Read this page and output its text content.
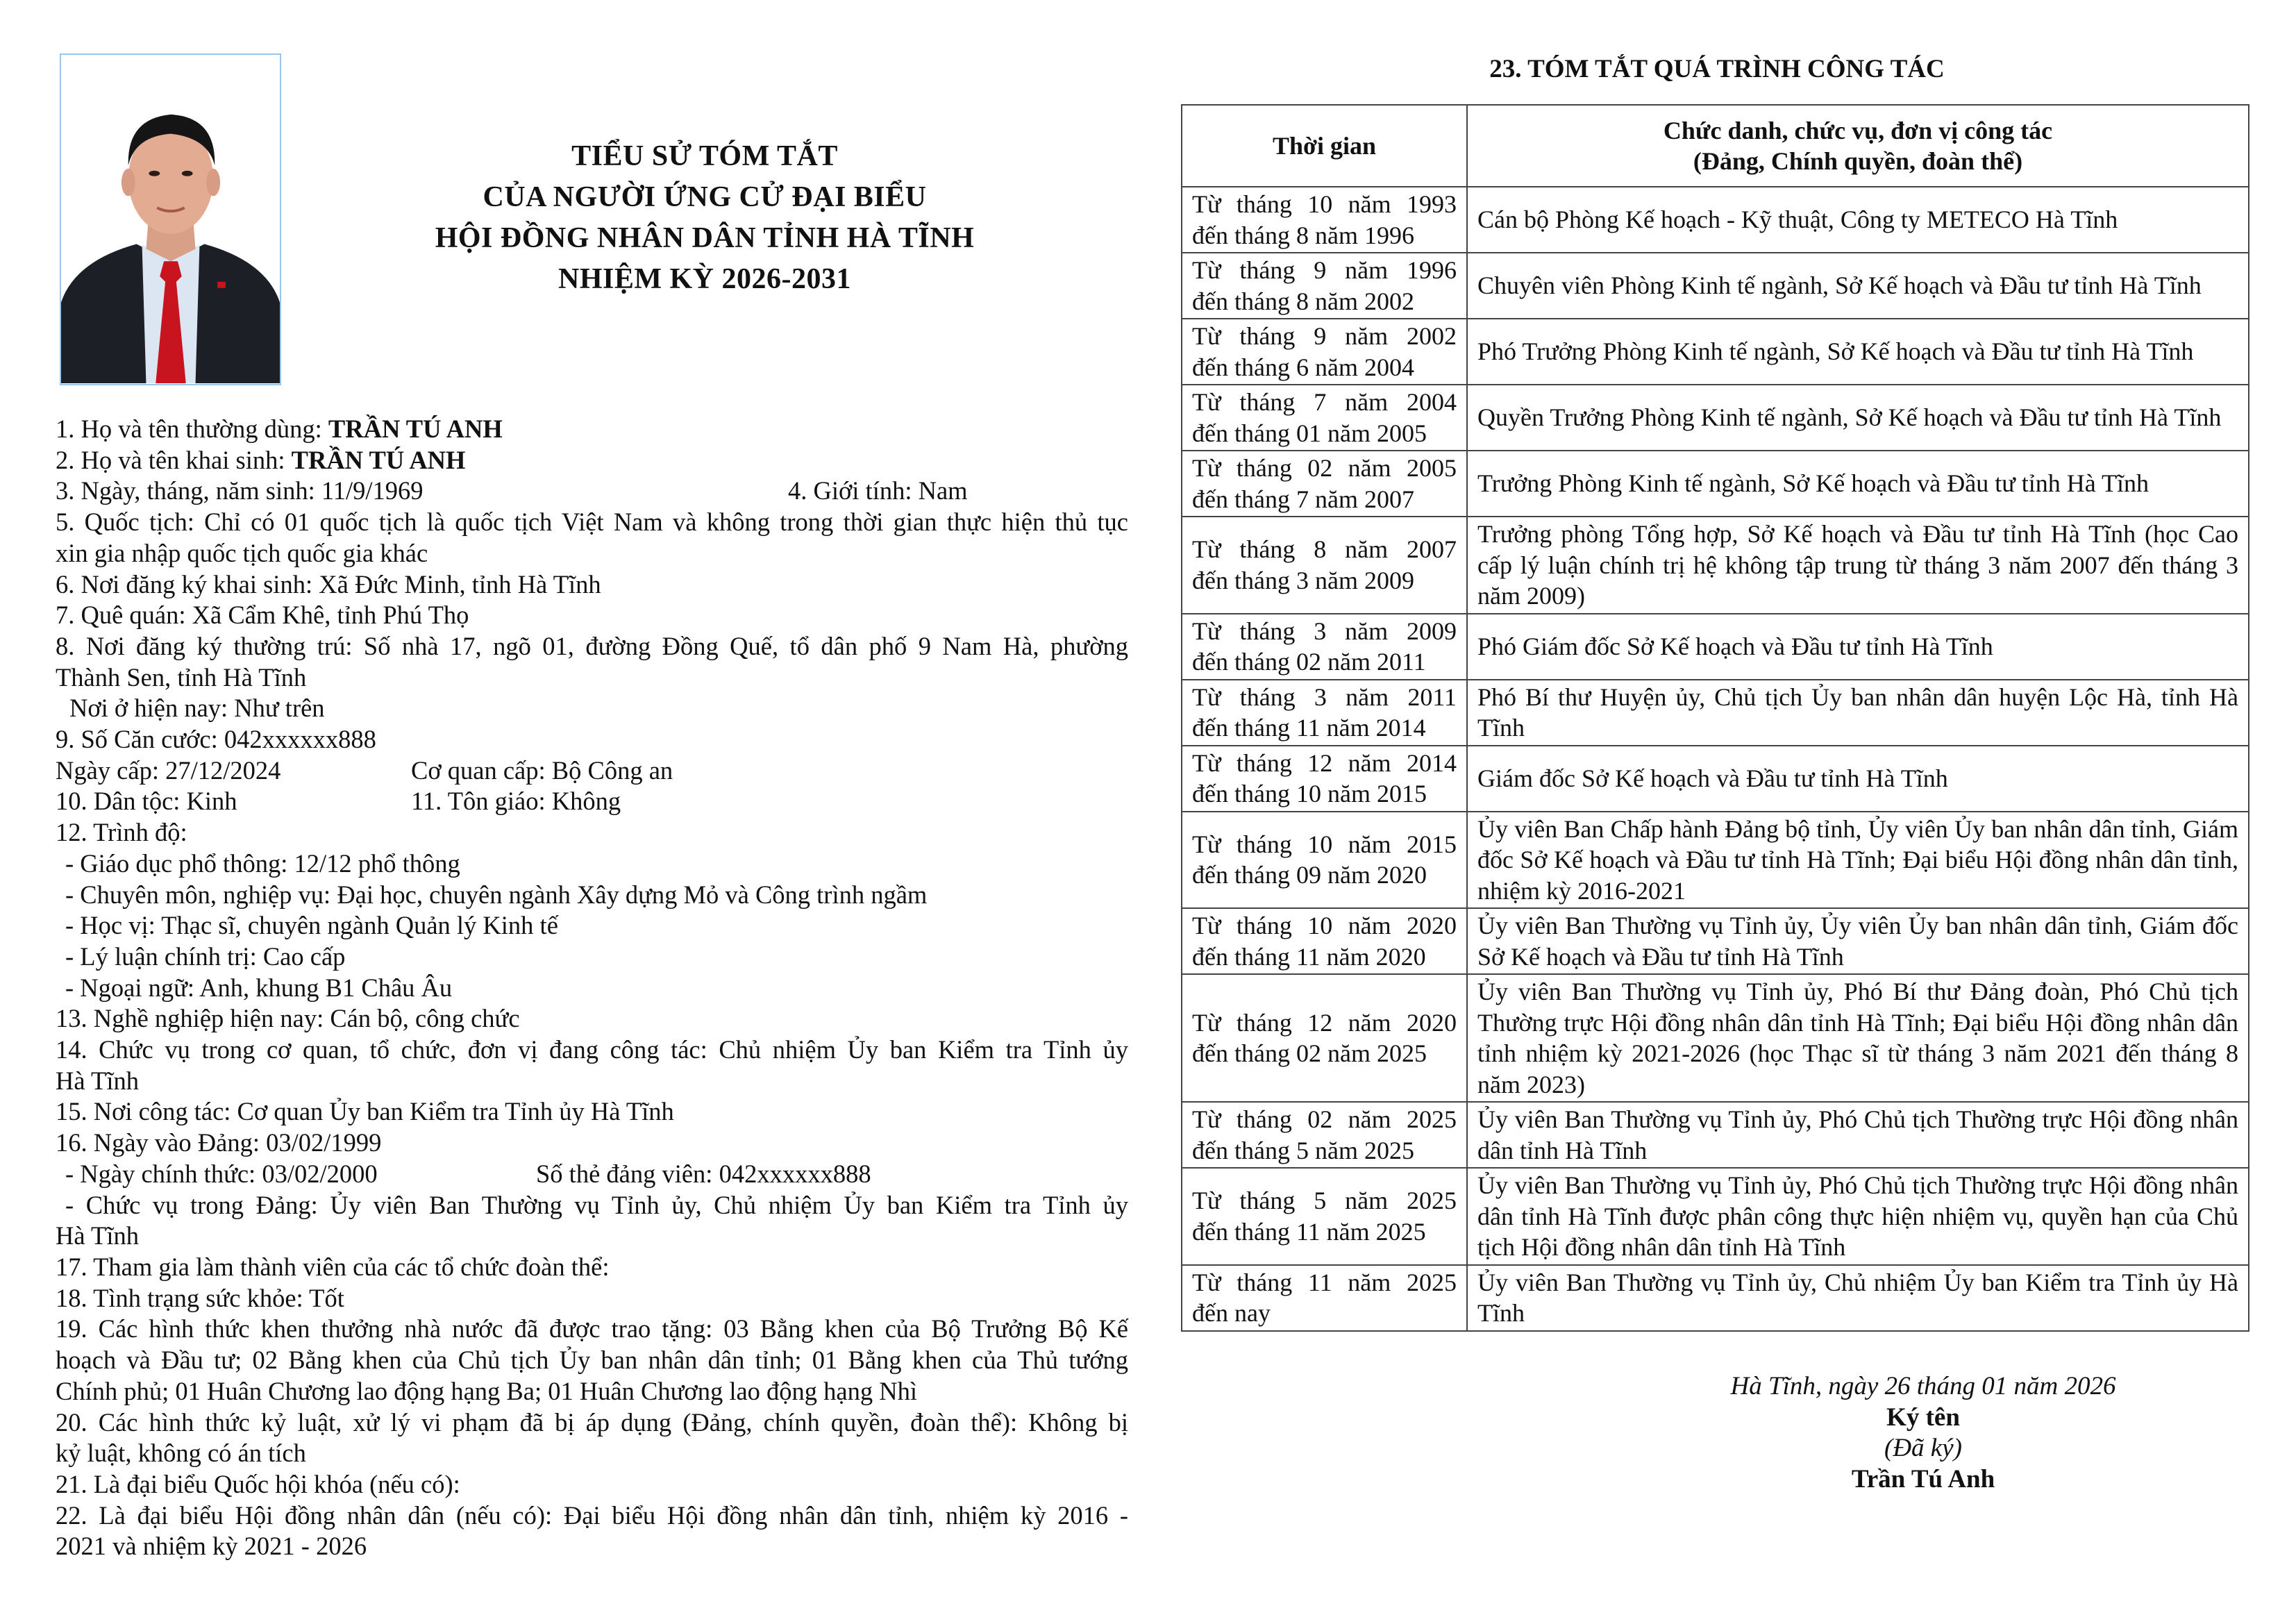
TIỂU SỬ TÓM TẮT
CỦA NGƯỜI ỨNG CỬ ĐẠI BIỂU
HỘI ĐỒNG NHÂN DÂN TỈNH HÀ TĨNH
NHIỆM KỲ 2026-2031
1. Họ và tên thường dùng: TRẦN TÚ ANH
2. Họ và tên khai sinh: TRẦN TÚ ANH
3. Ngày, tháng, năm sinh: 11/9/1969	4. Giới tính: Nam
5. Quốc tịch: Chỉ có 01 quốc tịch là quốc tịch Việt Nam và không trong thời gian thực hiện thủ tục
xin gia nhập quốc tịch quốc gia khác
6. Nơi đăng ký khai sinh: Xã Đức Minh, tỉnh Hà Tĩnh
7. Quê quán: Xã Cẩm Khê, tỉnh Phú Thọ
8. Nơi đăng ký thường trú: Số nhà 17, ngõ 01, đường Đồng Quế, tổ dân phố 9 Nam Hà, phường
Thành Sen, tỉnh Hà Tĩnh
Nơi ở hiện nay: Như trên
9. Số Căn cước: 042xxxxxx888
Ngày cấp: 27/12/2024	Cơ quan cấp: Bộ Công an
10. Dân tộc: Kinh	11. Tôn giáo: Không
12. Trình độ:
- Giáo dục phổ thông: 12/12 phổ thông
- Chuyên môn, nghiệp vụ: Đại học, chuyên ngành Xây dựng Mỏ và Công trình ngầm
- Học vị: Thạc sĩ, chuyên ngành Quản lý Kinh tế
- Lý luận chính trị: Cao cấp
- Ngoại ngữ: Anh, khung B1 Châu Âu
13. Nghề nghiệp hiện nay: Cán bộ, công chức
14. Chức vụ trong cơ quan, tổ chức, đơn vị đang công tác: Chủ nhiệm Ủy ban Kiểm tra Tỉnh ủy
Hà Tĩnh
15. Nơi công tác: Cơ quan Ủy ban Kiểm tra Tỉnh ủy Hà Tĩnh
16. Ngày vào Đảng: 03/02/1999
- Ngày chính thức: 03/02/2000	Số thẻ đảng viên: 042xxxxxx888
- Chức vụ trong Đảng: Ủy viên Ban Thường vụ Tỉnh ủy, Chủ nhiệm Ủy ban Kiểm tra Tỉnh ủy
Hà Tĩnh
17. Tham gia làm thành viên của các tổ chức đoàn thể:
18. Tình trạng sức khỏe: Tốt
19. Các hình thức khen thưởng nhà nước đã được trao tặng: 03 Bằng khen của Bộ Trưởng Bộ Kế
hoạch và Đầu tư; 02 Bằng khen của Chủ tịch Ủy ban nhân dân tỉnh; 01 Bằng khen của Thủ tướng
Chính phủ; 01 Huân Chương lao động hạng Ba; 01 Huân Chương lao động hạng Nhì
20. Các hình thức kỷ luật, xử lý vi phạm đã bị áp dụng (Đảng, chính quyền, đoàn thể): Không bị
kỷ luật, không có án tích
21. Là đại biểu Quốc hội khóa (nếu có):
22. Là đại biểu Hội đồng nhân dân (nếu có): Đại biểu Hội đồng nhân dân tỉnh, nhiệm kỳ 2016 -
2021 và nhiệm kỳ 2021 - 2026
23. TÓM TẮT QUÁ TRÌNH CÔNG TÁC
Thời gian	Chức danh, chức vụ, đơn vị công tác
(Đảng, Chính quyền, đoàn thể)

Từ tháng 10 năm 1993
đến tháng 8 năm 1996	Cán bộ Phòng Kế hoạch - Kỹ thuật, Công ty METECO Hà Tĩnh

Từ tháng 9 năm 1996
đến tháng 8 năm 2002	Chuyên viên Phòng Kinh tế ngành, Sở Kế hoạch và Đầu tư tỉnh Hà Tĩnh

Từ tháng 9 năm 2002
đến tháng 6 năm 2004	Phó Trưởng Phòng Kinh tế ngành, Sở Kế hoạch và Đầu tư tỉnh Hà Tĩnh

Từ tháng 7 năm 2004
đến tháng 01 năm 2005	Quyền Trưởng Phòng Kinh tế ngành, Sở Kế hoạch và Đầu tư tỉnh Hà Tĩnh

Từ tháng 02 năm 2005
đến tháng 7 năm 2007	Trưởng Phòng Kinh tế ngành, Sở Kế hoạch và Đầu tư tỉnh Hà Tĩnh

Từ tháng 8 năm 2007
đến tháng 3 năm 2009	Trưởng phòng Tổng hợp, Sở Kế hoạch và Đầu tư tỉnh Hà Tĩnh (học Cao cấp lý luận chính trị hệ không tập trung từ tháng 3 năm 2007 đến tháng 3 năm 2009)

Từ tháng 3 năm 2009
đến tháng 02 năm 2011	Phó Giám đốc Sở Kế hoạch và Đầu tư tỉnh Hà Tĩnh

Từ tháng 3 năm 2011
đến tháng 11 năm 2014	Phó Bí thư Huyện ủy, Chủ tịch Ủy ban nhân dân huyện Lộc Hà, tỉnh Hà Tĩnh

Từ tháng 12 năm 2014
đến tháng 10 năm 2015	Giám đốc Sở Kế hoạch và Đầu tư tỉnh Hà Tĩnh

Từ tháng 10 năm 2015
đến tháng 09 năm 2020	Ủy viên Ban Chấp hành Đảng bộ tỉnh, Ủy viên Ủy ban nhân dân tỉnh, Giám đốc Sở Kế hoạch và Đầu tư tỉnh Hà Tĩnh; Đại biểu Hội đồng nhân dân tỉnh, nhiệm kỳ 2016-2021

Từ tháng 10 năm 2020
đến tháng 11 năm 2020	Ủy viên Ban Thường vụ Tỉnh ủy, Ủy viên Ủy ban nhân dân tỉnh, Giám đốc Sở Kế hoạch và Đầu tư tỉnh Hà Tĩnh

Từ tháng 12 năm 2020
đến tháng 02 năm 2025	Ủy viên Ban Thường vụ Tỉnh ủy, Phó Bí thư Đảng đoàn, Phó Chủ tịch Thường trực Hội đồng nhân dân tỉnh Hà Tĩnh; Đại biểu Hội đồng nhân dân tỉnh nhiệm kỳ 2021-2026 (học Thạc sĩ từ tháng 3 năm 2021 đến tháng 8 năm 2023)

Từ tháng 02 năm 2025
đến tháng 5 năm 2025	Ủy viên Ban Thường vụ Tỉnh ủy, Phó Chủ tịch Thường trực Hội đồng nhân dân tỉnh Hà Tĩnh

Từ tháng 5 năm 2025
đến tháng 11 năm 2025	Ủy viên Ban Thường vụ Tỉnh ủy, Phó Chủ tịch Thường trực Hội đồng nhân dân tỉnh Hà Tĩnh được phân công thực hiện nhiệm vụ, quyền hạn của Chủ tịch Hội đồng nhân dân tỉnh Hà Tĩnh

Từ tháng 11 năm 2025
đến nay	Ủy viên Ban Thường vụ Tỉnh ủy, Chủ nhiệm Ủy ban Kiểm tra Tỉnh ủy Hà Tĩnh
Hà Tĩnh, ngày 26 tháng 01 năm 2026
Ký tên
(Đã ký)
Trần Tú Anh
